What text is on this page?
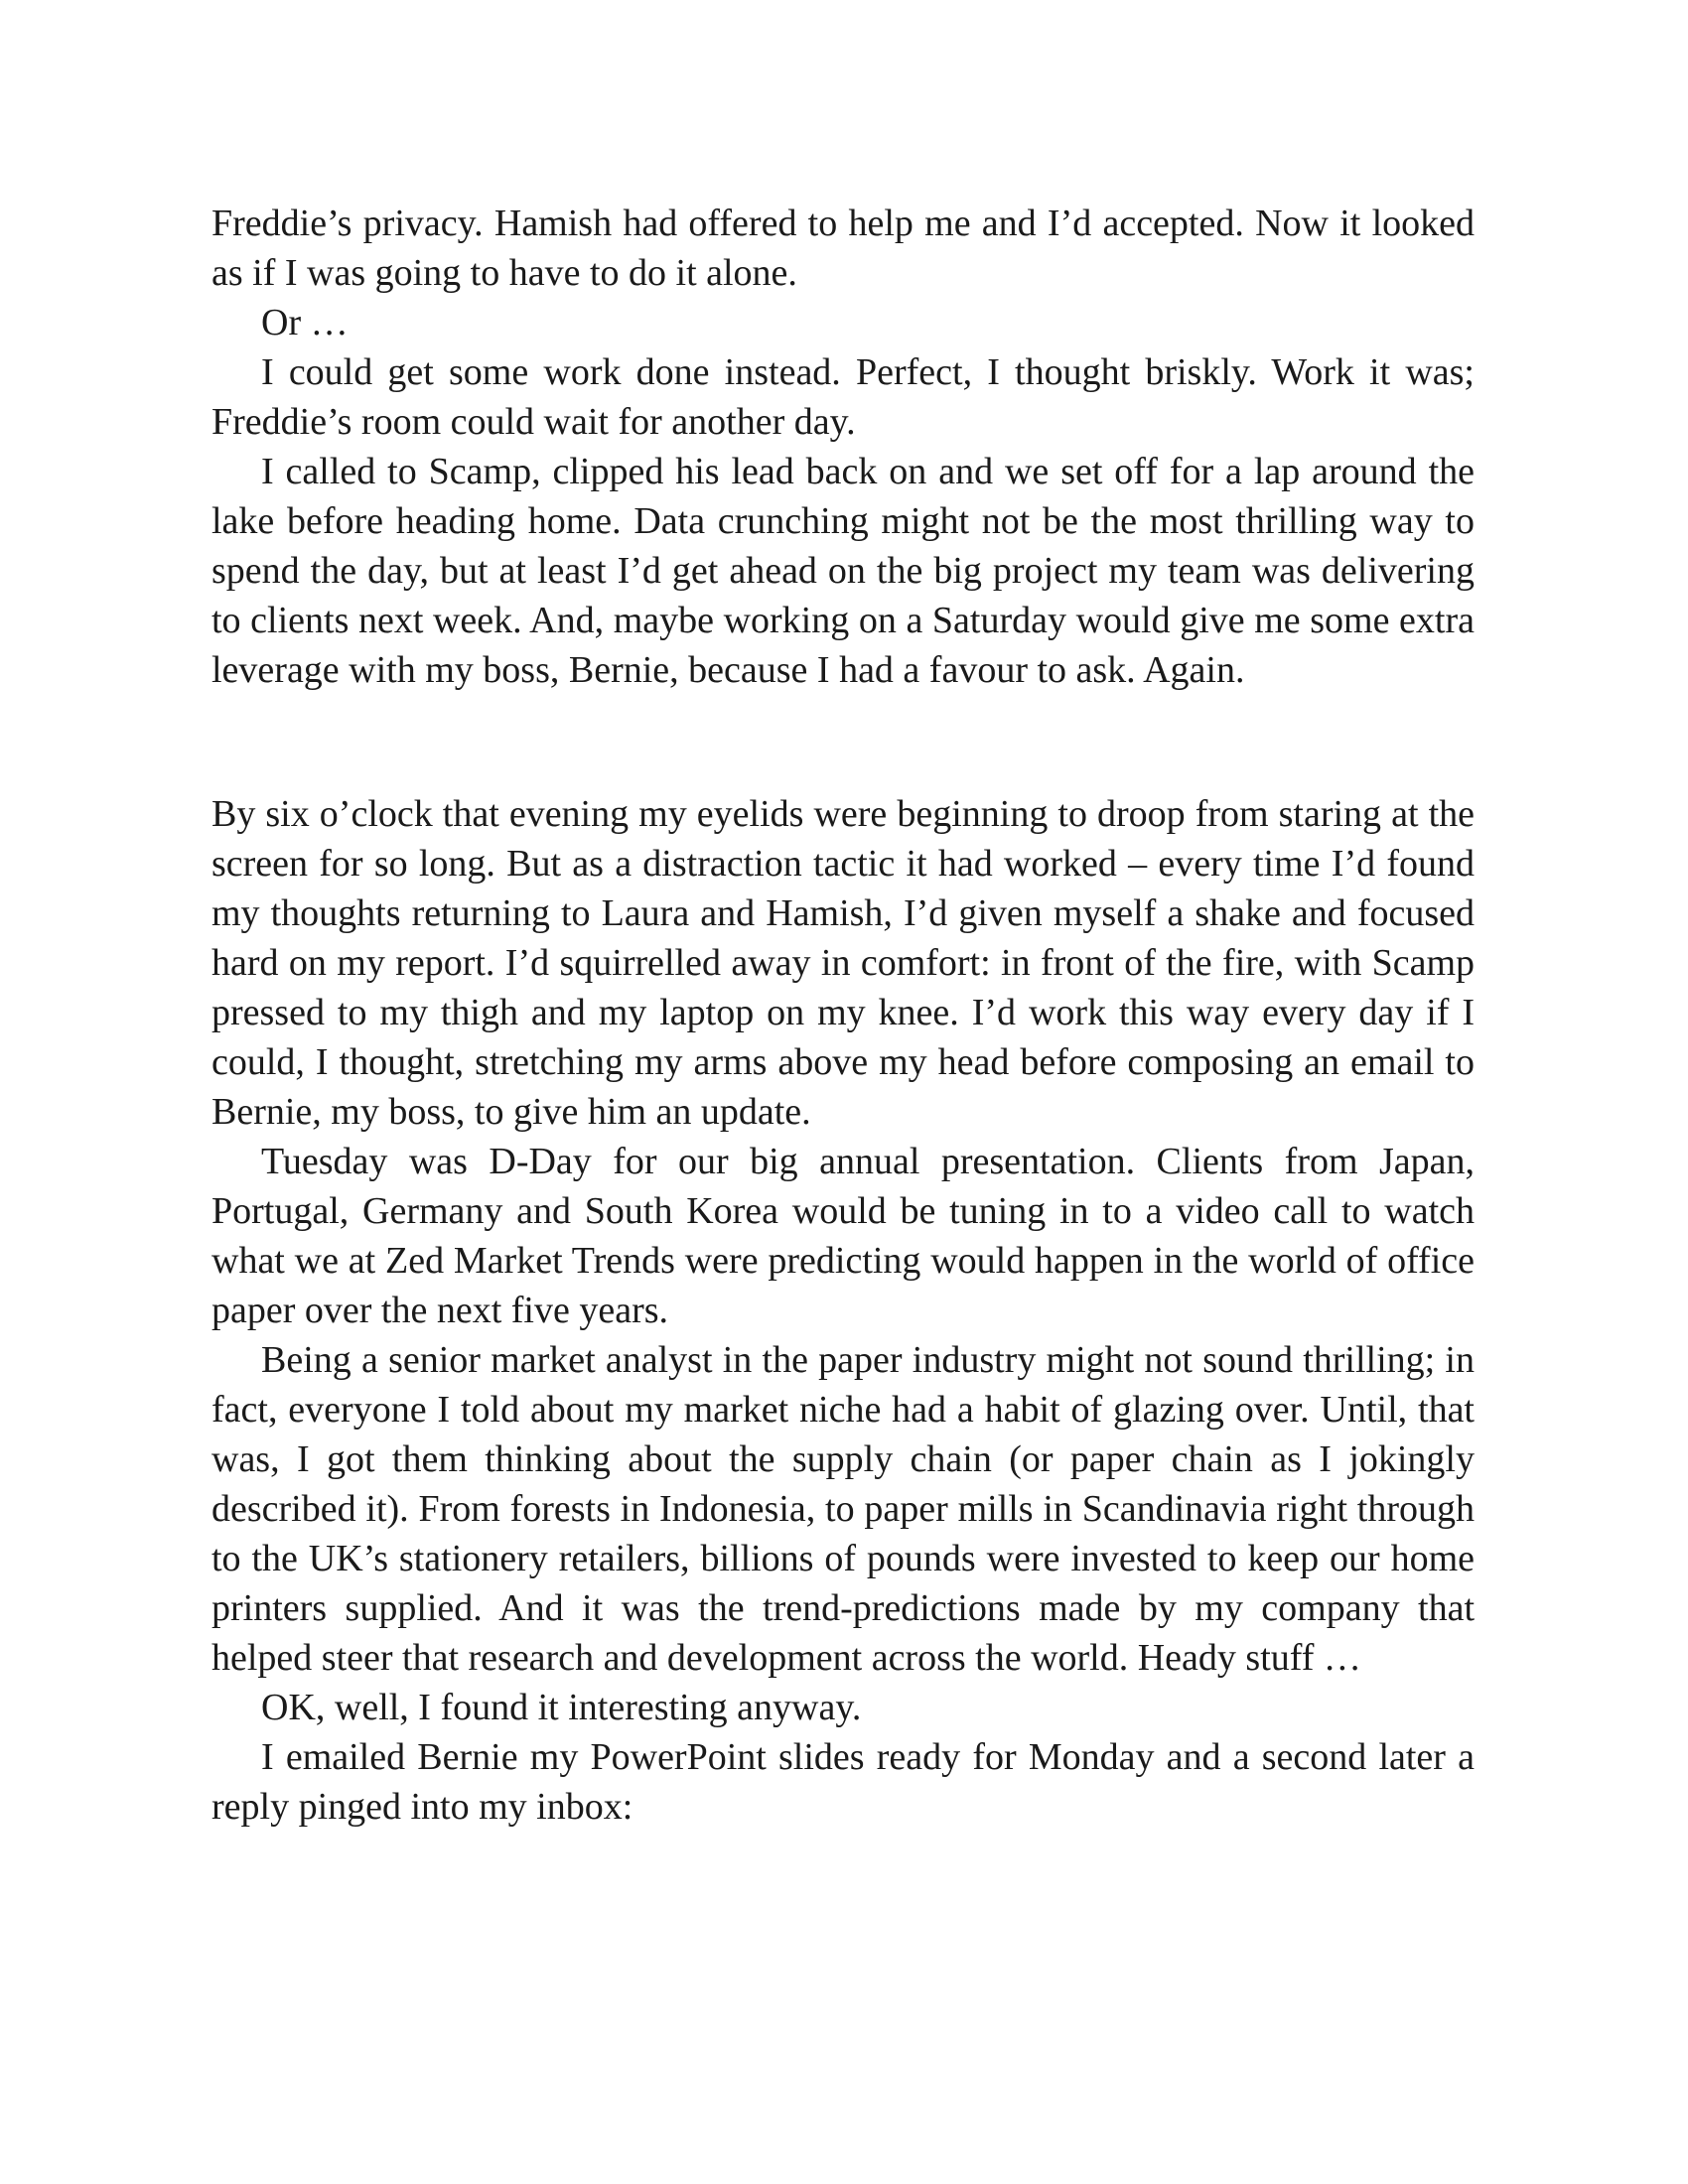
Freddie’s privacy. Hamish had offered to help me and I’d accepted. Now it looked as if I was going to have to do it alone.

Or …

I could get some work done instead. Perfect, I thought briskly. Work it was; Freddie’s room could wait for another day.

I called to Scamp, clipped his lead back on and we set off for a lap around the lake before heading home. Data crunching might not be the most thrilling way to spend the day, but at least I’d get ahead on the big project my team was delivering to clients next week. And, maybe working on a Saturday would give me some extra leverage with my boss, Bernie, because I had a favour to ask. Again.

By six o’clock that evening my eyelids were beginning to droop from staring at the screen for so long. But as a distraction tactic it had worked – every time I’d found my thoughts returning to Laura and Hamish, I’d given myself a shake and focused hard on my report. I’d squirrelled away in comfort: in front of the fire, with Scamp pressed to my thigh and my laptop on my knee. I’d work this way every day if I could, I thought, stretching my arms above my head before composing an email to Bernie, my boss, to give him an update.

Tuesday was D-Day for our big annual presentation. Clients from Japan, Portugal, Germany and South Korea would be tuning in to a video call to watch what we at Zed Market Trends were predicting would happen in the world of office paper over the next five years.

Being a senior market analyst in the paper industry might not sound thrilling; in fact, everyone I told about my market niche had a habit of glazing over. Until, that was, I got them thinking about the supply chain (or paper chain as I jokingly described it). From forests in Indonesia, to paper mills in Scandinavia right through to the UK’s stationery retailers, billions of pounds were invested to keep our home printers supplied. And it was the trend-predictions made by my company that helped steer that research and development across the world. Heady stuff …

OK, well, I found it interesting anyway.

I emailed Bernie my PowerPoint slides ready for Monday and a second later a reply pinged into my inbox:
